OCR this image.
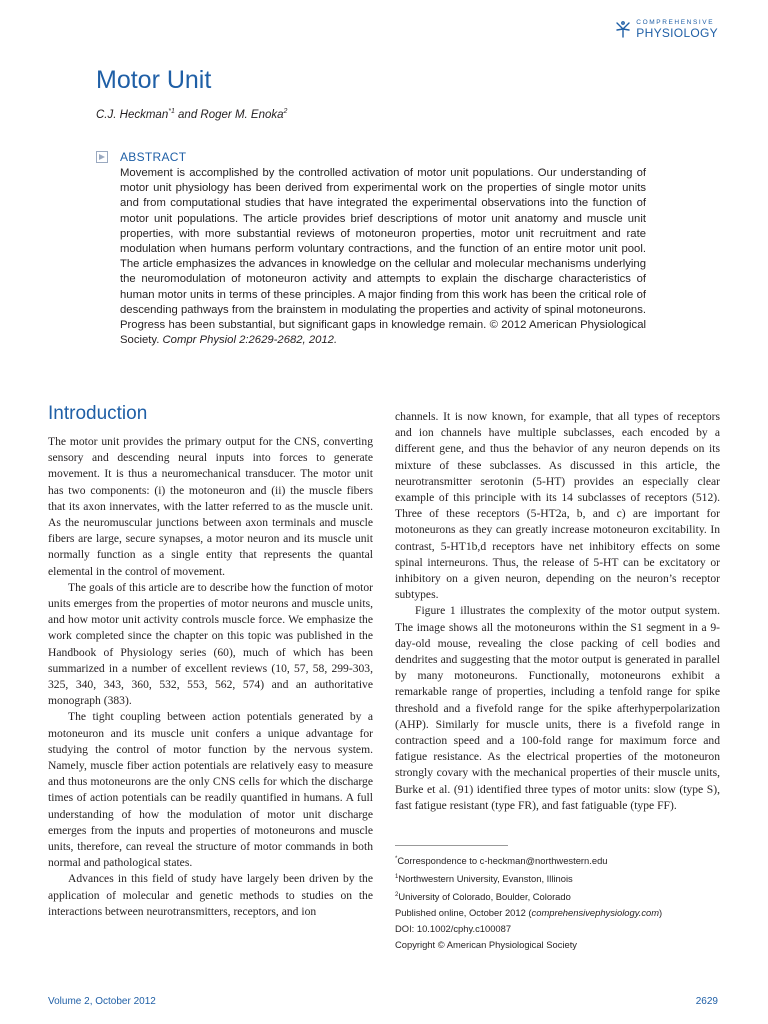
COMPREHENSIVE
PHYSIOLOGY
Motor Unit
C.J. Heckman$^{*1}$ and Roger M. Enoka$^2$
ABSTRACT

Movement is accomplished by the controlled activation of motor unit populations. Our understanding of motor unit physiology has been derived from experimental work on the properties of single motor units and from computational studies that have integrated the experimental observations into the function of motor unit populations. The article provides brief descriptions of motor unit anatomy and muscle unit properties, with more substantial reviews of motoneuron properties, motor unit recruitment and rate modulation when humans perform voluntary contractions, and the function of an entire motor unit pool. The article emphasizes the advances in knowledge on the cellular and molecular mechanisms underlying the neuromodulation of motoneuron activity and attempts to explain the discharge characteristics of human motor units in terms of these principles. A major finding from this work has been the critical role of descending pathways from the brainstem in modulating the properties and activity of spinal motoneurons. Progress has been substantial, but significant gaps in knowledge remain. © 2012 American Physiological Society. Compr Physiol 2:2629-2682, 2012.

Introduction

The motor unit provides the primary output for the CNS, converting sensory and descending neural inputs into forces to generate movement. It is thus a neuromechanical transducer. The motor unit has two components: (i) the motoneuron and (ii) the muscle fibers that its axon innervates, with the latter referred to as the muscle unit. As the neuromuscular junctions between axon terminals and muscle fibers are large, secure synapses, a motor neuron and its muscle unit normally function as a single entity that represents the quantal elemental in the control of movement.

The goals of this article are to describe how the function of motor units emerges from the properties of motor neurons and muscle units, and how motor unit activity controls muscle force. We emphasize the work completed since the chapter on this topic was published in the Handbook of Physiology series (60), much of which has been summarized in a number of excellent reviews (10, 57, 58, 299-303, 325, 340, 343, 360, 532, 553, 562, 574) and an authoritative monograph (383).

The tight coupling between action potentials generated by a motoneuron and its muscle unit confers a unique advantage for studying the control of motor function by the nervous system. Namely, muscle fiber action potentials are relatively easy to measure and thus motoneurons are the only CNS cells for which the discharge times of action potentials can be readily quantified in humans. A full understanding of how the modulation of motor unit discharge emerges from the inputs and properties of motoneurons and muscle units, therefore, can reveal the structure of motor commands in both normal and pathological states.

Advances in this field of study have largely been driven by the application of molecular and genetic methods to studies on the interactions between neurotransmitters, receptors, and ion

channels. It is now known, for example, that all types of receptors and ion channels have multiple subclasses, each encoded by a different gene, and thus the behavior of any neuron depends on its mixture of these subclasses. As discussed in this article, the neurotransmitter serotonin (5-HT) provides an especially clear example of this principle with its 14 subclasses of receptors (512). Three of these receptors (5-HT2a, b, and c) are important for motoneurons as they can greatly increase motoneuron excitability. In contrast, 5-HT1b,d receptors have net inhibitory effects on some spinal interneurons. Thus, the release of 5-HT can be excitatory or inhibitory on a given neuron, depending on the neuron’s receptor subtypes.

Figure 1 illustrates the complexity of the motor output system. The image shows all the motoneurons within the S1 segment in a 9-day-old mouse, revealing the close packing of cell bodies and dendrites and suggesting that the motor output is generated in parallel by many motoneurons. Functionally, motoneurons exhibit a remarkable range of properties, including a tenfold range for spike threshold and a fivefold range for the spike afterhyperpolarization (AHP). Similarly for muscle units, there is a fivefold range in contraction speed and a 100-fold range for maximum force and fatigue resistance. As the electrical properties of the motoneuron strongly covary with the mechanical properties of their muscle units, Burke et al. (91) identified three types of motor units: slow (type S), fast fatigue resistant (type FR), and fast fatiguable (type FF).

*Correspondence to c-heckman@northwestern.edu
$^1$Northwestern University, Evanston, Illinois
$^2$University of Colorado, Boulder, Colorado
Published online, October 2012 (comprehensivephysiology.com)
DOI: 10.1002/cphy.c100087
Copyright © American Physiological Society
Volume 2, October 2012	2629
